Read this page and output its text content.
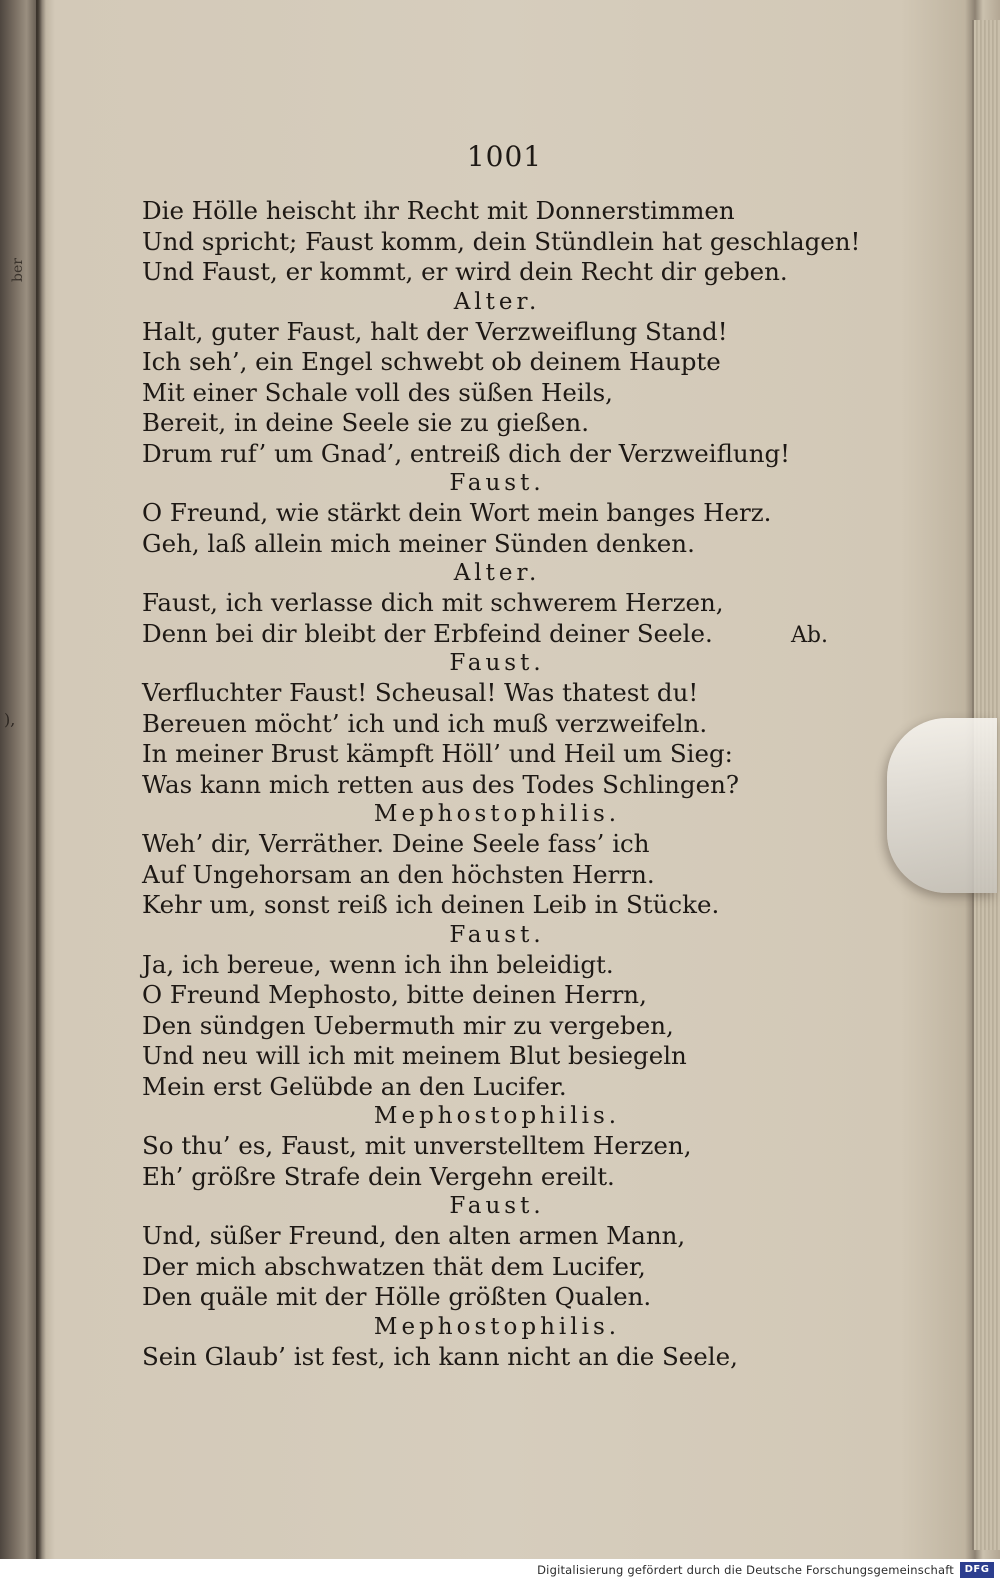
ber
),
1001
Die Hölle heischt ihr Recht mit Donnerstimmen
Und spricht; Faust komm, dein Stündlein hat geschlagen!
Und Faust, er kommt, er wird dein Recht dir geben.
Alter.
Halt, guter Faust, halt der Verzweiflung Stand!
Ich seh’, ein Engel schwebt ob deinem Haupte
Mit einer Schale voll des süßen Heils,
Bereit, in deine Seele sie zu gießen.
Drum ruf’ um Gnad’, entreiß dich der Verzweiflung!
Faust.
O Freund, wie stärkt dein Wort mein banges Herz.
Geh, laß allein mich meiner Sünden denken.
Alter.
Faust, ich verlasse dich mit schwerem Herzen,
Denn bei dir bleibt der Erbfeind deiner Seele.	Ab.
Faust.
Verfluchter Faust! Scheusal! Was thatest du!
Bereuen möcht’ ich und ich muß verzweifeln.
In meiner Brust kämpft Höll’ und Heil um Sieg:
Was kann mich retten aus des Todes Schlingen?
Mephostophilis.
Weh’ dir, Verräther. Deine Seele fass’ ich
Auf Ungehorsam an den höchsten Herrn.
Kehr um, sonst reiß ich deinen Leib in Stücke.
Faust.
Ja, ich bereue, wenn ich ihn beleidigt.
O Freund Mephosto, bitte deinen Herrn,
Den sündgen Uebermuth mir zu vergeben,
Und neu will ich mit meinem Blut besiegeln
Mein erst Gelübde an den Lucifer.
Mephostophilis.
So thu’ es, Faust, mit unverstelltem Herzen,
Eh’ größre Strafe dein Vergehn ereilt.
Faust.
Und, süßer Freund, den alten armen Mann,
Der mich abschwatzen thät dem Lucifer,
Den quäle mit der Hölle größten Qualen.
Mephostophilis.
Sein Glaub’ ist fest, ich kann nicht an die Seele,
Digitalisierung gefördert durch die Deutsche Forschungsgemeinschaft	DFG
